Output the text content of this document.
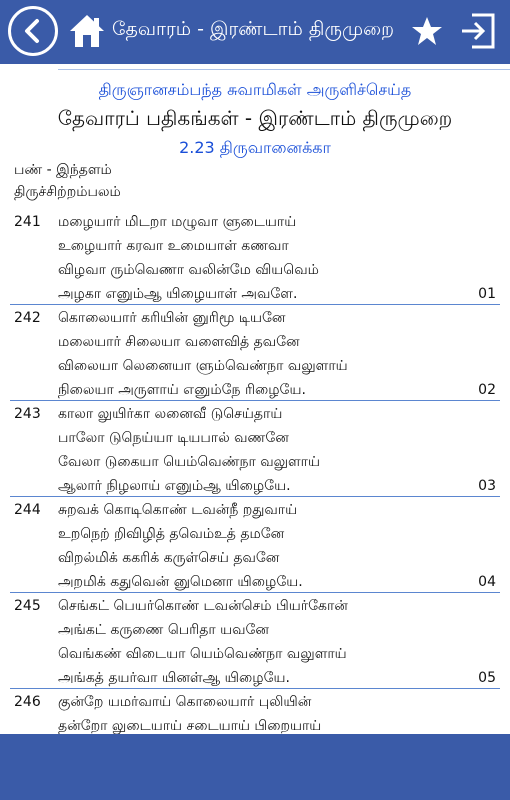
தேவாரம் - இரண்டாம் திருமுறை
திருஞானசம்பந்த சுவாமிகள் அருளிச்செய்த
தேவாரப் பதிகங்கள் - இரண்டாம் திருமுறை
2.23 திருவானைக்கா
பண் - இந்தளம்
திருச்சிற்றம்பலம்
241 மழையார் மிடறா மழுவா ளுடையாய்
உழையார் கரவா உமையாள் கணவா
விழவா ரும்வெணா வலின்மே வியவெம்
அழகா எனும்ஆ யிழையாள் அவளே.	01
242 கொலையார் கரியின் னுரிமூ டியனே
மலையார் சிலையா வளைவித் தவனே
விலையா லெனையா ளும்வெண்நா வலுளாய்
நிலையா அருளாய் எனும்நே ரிழையே.	02
243 காலா லுயிர்கா லனைவீ டுசெய்தாய்
பாலோ டுநெய்யா டியபால் வணனே
வேலா டுகையா யெம்வெண்நா வலுளாய்
ஆலார் நிழலாய் எனும்ஆ யிழையே.	03
244 சுறவக் கொடிகொண் டவன்நீ றதுவாய்
உறநெற் றிவிழித் தவெம்உத் தமனே
விறல்மிக் ககரிக் கருள்செய் தவனே
அறமிக் கதுவென் னுமெனா யிழையே.	04
245 செங்கட் பெயர்கொண் டவன்செம் பியர்கோன்
அங்கட் கருணை பெரிதா யவனே
வெங்கண் விடையா யெம்வெண்நா வலுளாய்
அங்கத் தயர்வா யினள்ஆ யிழையே.	05
246 குன்றே யமர்வாய் கொலையார் புலியின்
தன்றோ லுடையாய் சடையாய் பிறையாய்
